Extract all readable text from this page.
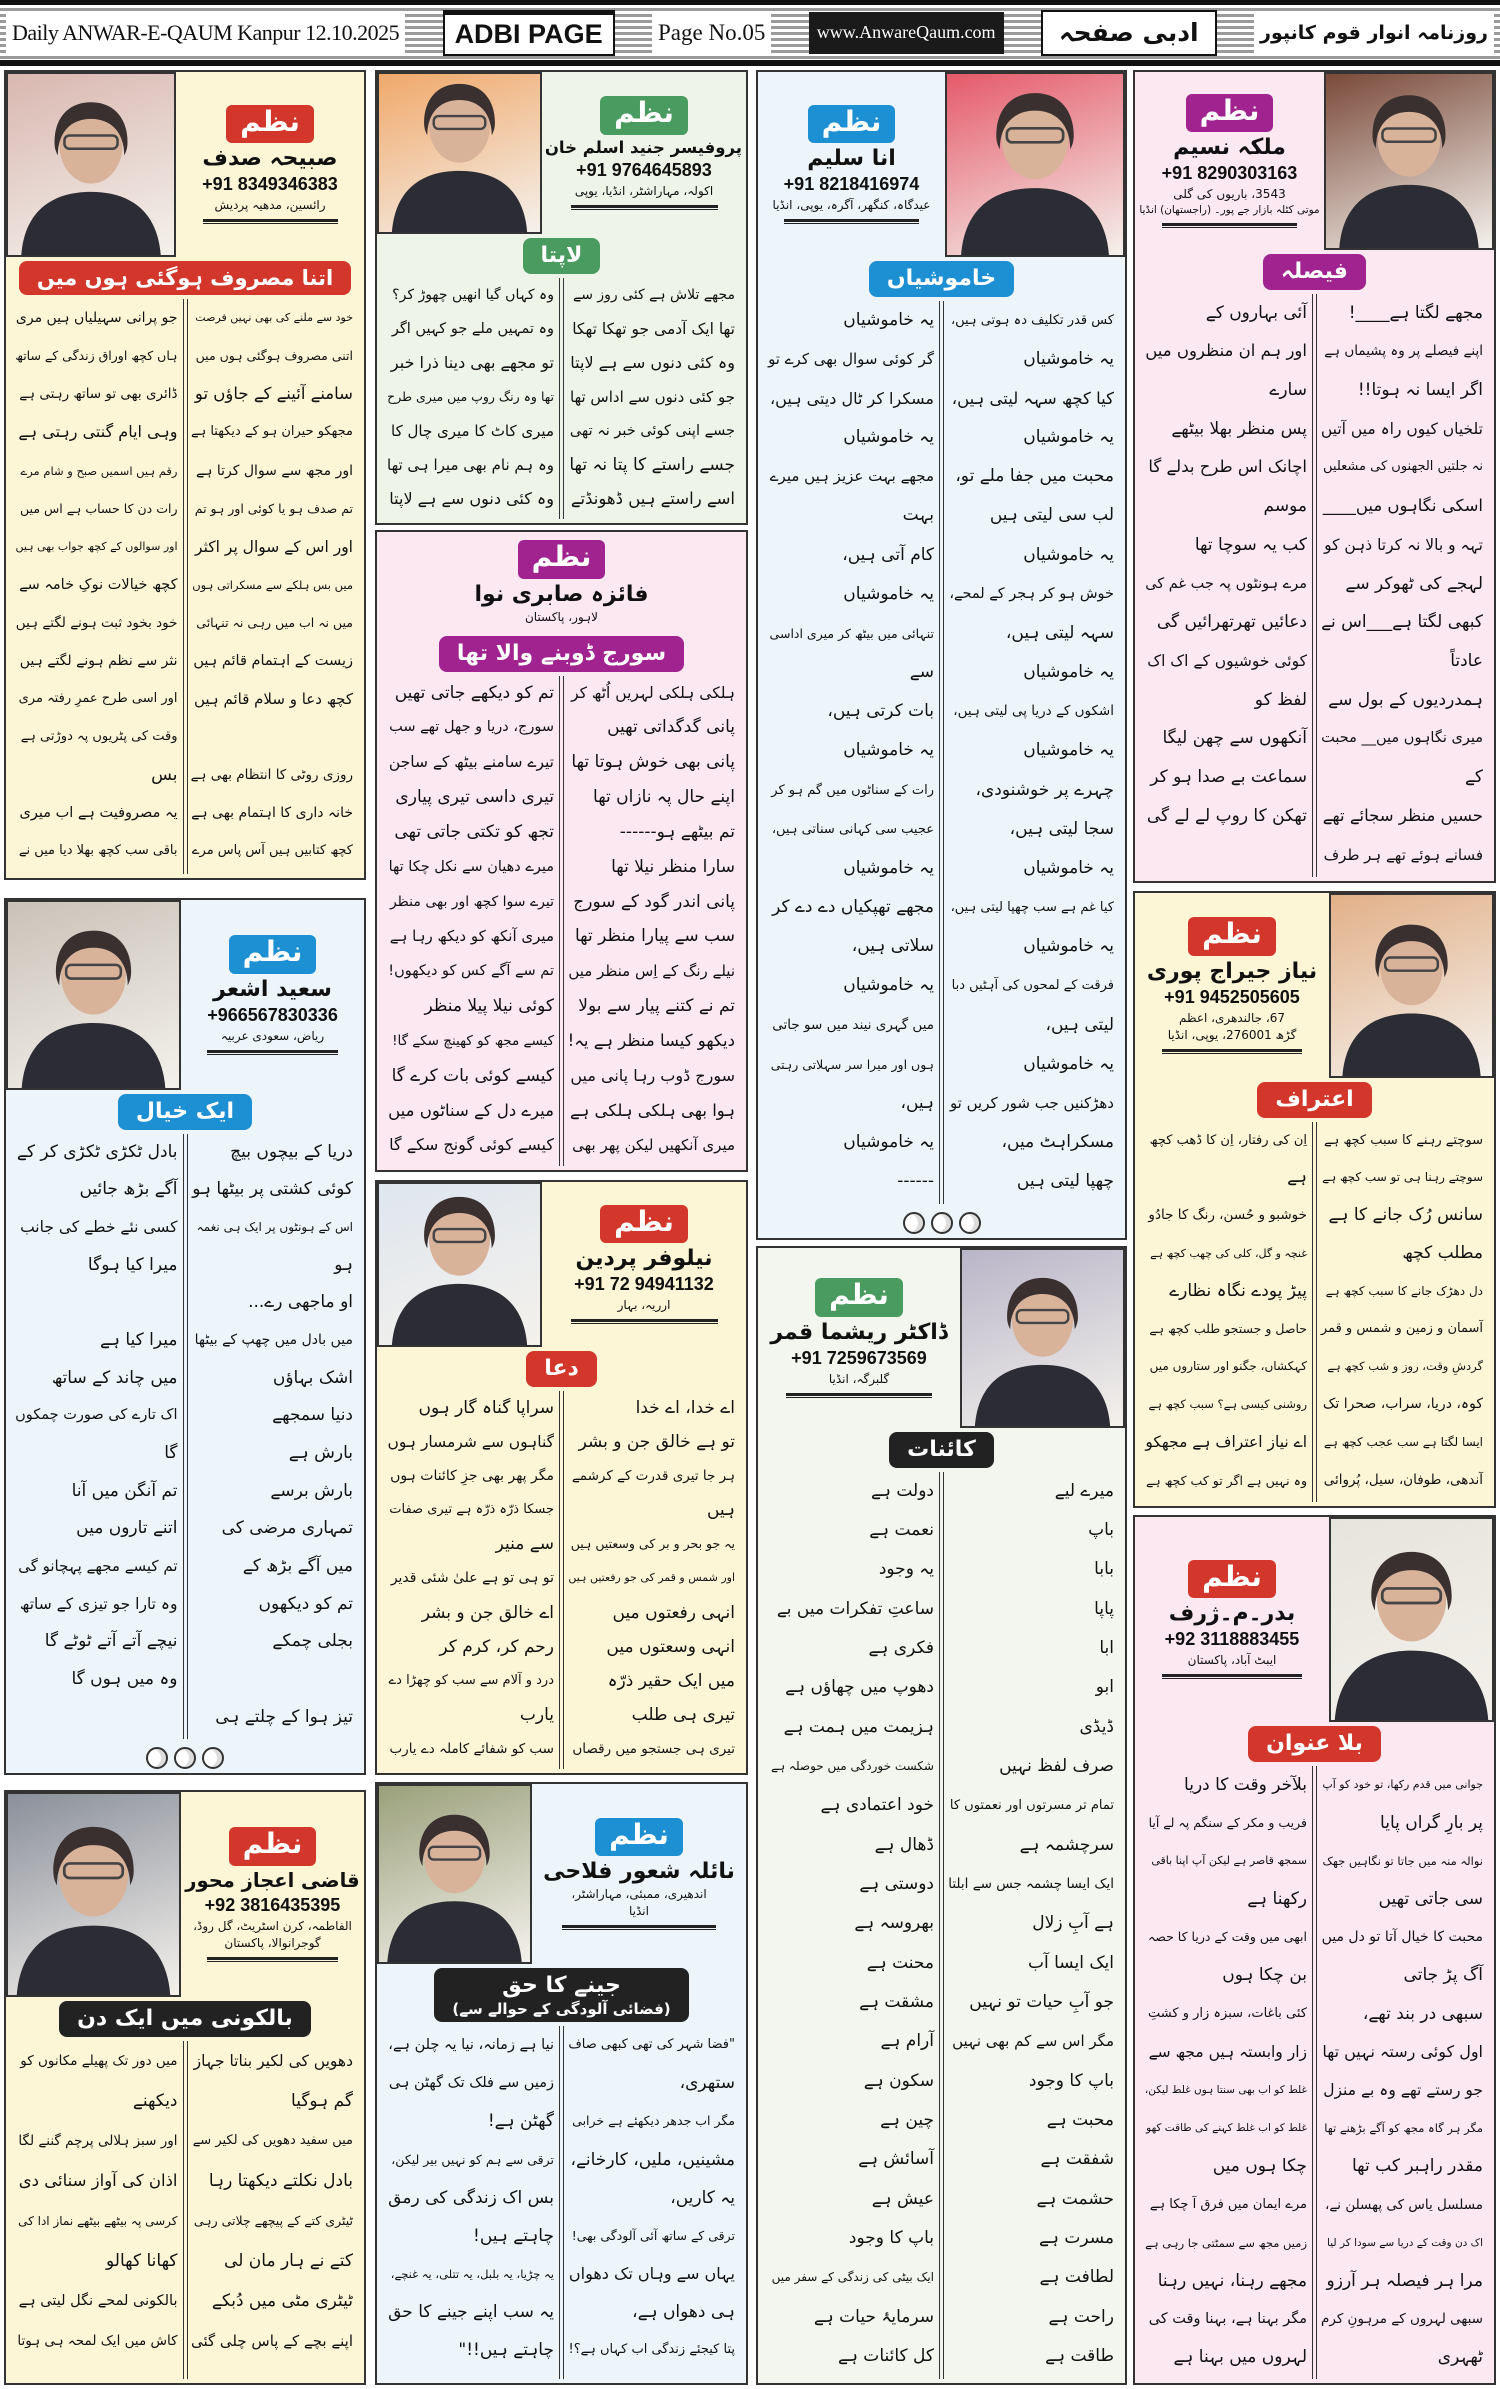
Daily ANWAR-E-QAUM Kanpur 12.10.2025	ADBI PAGE	Page No.05	www.AnwareQaum.com	ادبی صفحہ	روزنامہ انوار قوم کانپور
نظم
صبیحہ صدف
+91 8349346383
رائسین، مدھیہ پردیش
اتنا مصروف ہوگئی ہوں میں
خود سے ملنے کی بھی نہیں فرصت
اتنی مصروف ہوگئی ہوں میں
سامنے آئینے کے جاؤں تو
مجھکو حیران ہو کے دیکھتا ہے
اور مجھ سے سوال کرتا ہے
تم صدف ہو یا کوئی اور ہو تم
اور اس کے سوال پر اکثر
میں بس ہلکے سے مسکراتی ہوں
میں نہ اب میں رہی نہ تنہائی
زیست کے اہتمام قائم ہیں
کچھ دعا و سلام قائم ہیں
روزی روٹی کا انتظام بھی ہے
خانہ داری کا اہتمام بھی ہے
کچھ کتابیں ہیں آس پاس مرے
جو پرانی سہیلیاں ہیں مری
ہاں کچھ اوراق زندگی کے ساتھ
ڈائری بھی تو ساتھ رہتی ہے
وہی ایام گنتی رہتی ہے
رقم ہیں اسمیں صبح و شام مرے
رات دن کا حساب ہے اس میں
اور سوالوں کے کچھ جواب بھی ہیں
کچھ خیالات نوکِ خامہ سے
خود بخود ثبت ہونے لگتے ہیں
نثر سے نظم ہونے لگتے ہیں
اور اسی طرح عمرِ رفتہ مری
وقت کی پٹریوں پہ دوڑتی ہے
بس
یہ مصروفیت ہے اب میری
باقی سب کچھ بھلا دیا میں نے
نظم
سعید اشعر
+966567830336
ریاض، سعودی عربیہ
ایک خیال
دریا کے بیچوں بیچ
کوئی کشتی پر بیٹھا ہو
اس کے ہونٹوں پر ایک ہی نغمہ
ہو
او ماجھی رے...
میں بادل میں چھپ کے بیٹھا
اشک بہاؤں
دنیا سمجھے
بارش ہے
بارش برسے
تمہاری مرضی کی
میں آگے بڑھ کے
تم کو دیکھوں
بجلی چمکے
تیز ہوا کے چلتے ہی
بادل ٹکڑی ٹکڑی کر کے
آگے بڑھ جائیں
کسی نئے خطے کی جانب
میرا کیا ہوگا
میرا کیا ہے
میں چاند کے ساتھ
اک تارے کی صورت چمکوں
گا
تم آنگن میں آنا
اتنے تاروں میں
تم کیسے مجھے پہچانو گی
وہ تارا جو تیزی کے ساتھ
نیچے آتے آتے ٹوٹے گا
وہ میں ہوں گا
نظم
قاضی اعجاز محور
+92 3816435395
الفاطمہ، کرن اسٹریٹ، گل روڈ،
گوجرانوالا، پاکستان
بالکونی میں ایک دن
دھویں کی لکیر بناتا جہاز
گم ہوگیا
میں سفید دھویں کی لکیر سے
بادل نکلتے دیکھتا رہا
ٹیٹری کتے کے پیچھے چلاتی رہی
کتے نے ہار مان لی
ٹیٹری مٹی میں دُبکے
اپنے بچے کے پاس چلی گئی
میں دور تک پھیلے مکانوں کو
دیکھنے
اور سبز ہلالی پرچم گننے لگا
اذان کی آواز سنائی دی
کرسی پہ بیٹھے بیٹھے نماز ادا کی
کھانا کھالو
بالکونی لمحے نگل لیتی ہے
کاش میں ایک لمحہ ہی ہوتا
نظم
پروفیسر جنید اسلم خان
+91 9764645893
اکولہ، مہاراشٹر، انڈیا، یوپی
لاپتا
مجھے تلاش ہے کئی روز سے
تھا ایک آدمی جو تھکا تھکا
وہ کئی دنوں سے ہے لاپتا
جو کئی دنوں سے اداس تھا
جسے اپنی کوئی خبر نہ تھی
جسے راستے کا پتا نہ تھا
اسے راستے ہیں ڈھونڈتے
وہ کہاں گیا انھیں چھوڑ کر؟
وہ تمہیں ملے جو کہیں اگر
تو مجھے بھی دینا ذرا خبر
تھا وہ رنگ روپ میں میری طرح
میری کاٹ کا میری چال کا
وہ ہم نام بھی میرا ہی تھا
وہ کئی دنوں سے ہے لاپتا
نظم
فائزہ صابری نوا
لاہور، پاکستان
سورج ڈوبنے والا تھا
ہلکی ہلکی لہریں اُٹھ کر
پانی گدگداتی تھیں
پانی بھی خوش ہوتا تھا
اپنے حال پہ نازاں تھا
تم بیٹھے ہو------
سارا منظر نیلا تھا
پانی اندر گود کے سورج
سب سے پیارا منظر تھا
نیلے رنگ کے اِس منظر میں
تم نے کتنے پیار سے بولا
دیکھو کیسا منظر ہے یہ!
سورج ڈوب رہا پانی میں
ہوا بھی ہلکی ہلکی ہے
میری آنکھیں لیکن پھر بھی
تم کو دیکھے جاتی تھیں
سورج، دریا و جھل تھے سب
تیرے سامنے بیٹھ کے ساجن
تیری داسی تیری پیاری
تجھ کو تکتی جاتی تھی
میرے دھیان سے نکل چکا تھا
تیرے سوا کچھ اور بھی منظر
میری آنکھ کو دیکھ رہا ہے
تم سے آگے کس کو دیکھوں!
کوئی نیلا پیلا منظر
کیسے مجھ کو کھینچ سکے گا!
کیسے کوئی بات کرے گا
میرے دل کے سناٹوں میں
کیسے کوئی گونج سکے گا
نظم
نیلوفر پردین
+91 72 94941132
ارریہ، بہار
دعا
اے خدا، اے خدا
تو ہے خالق جن و بشر
ہر جا تیری قدرت کے کرشمے
ہیں
یہ جو بحر و بر کی وسعتیں ہیں
اور شمس و قمر کی جو رفعتیں ہیں
انہی رفعتوں میں
انہی وسعتوں میں
میں ایک حقیر ذرّہ
تیری ہی طلب
تیری ہی جستجو میں رقصاں
سراپا گناہ گار ہوں
گناہوں سے شرمسار ہوں
مگر پھر بھی جزِ کائنات ہوں
جسکا ذرّہ ذرّہ ہے تیری صفات
سے منیر
تو ہی تو ہے علیٰ شئی قدیر
اے خالق جن و بشر
رحم کر، کرم کر
درد و آلام سے سب کو چھڑا دے
یارب
سب کو شفائے کاملہ دے یارب
نظم
نائلہ شعور فلاحی
اندھیری، ممبئی، مہاراشٹر،
انڈیا
جینے کا حق
(فضائی آلودگی کے حوالے سے)
"فضا شہر کی تھی کبھی صاف
ستھری،
مگر اب جدھر دیکھئے ہے خرابی
مشینیں، ملیں، کارخانے،
یہ کاریں،
ترقی کے ساتھ آئی آلودگی بھی!
یہاں سے وہاں تک دھواں
ہی دھواں ہے،
پتا کیجئے زندگی اب کہاں ہے؟!
نیا ہے زمانہ، نیا یہ چلن ہے،
زمیں سے فلک تک گھٹن ہی
گھٹن ہے!
ترقی سے ہم کو نہیں بیر لیکن،
بس اک زندگی کی رمق
چاہتے ہیں!
یہ چڑیا، یہ بلبل، یہ تتلی، یہ غنچے،
یہ سب اپنے جینے کا حق
چاہتے ہیں!!"
نظم
انا سلیم
+91 8218416974
عیدگاہ، کنگھر، آگرہ، یوپی، انڈیا
خاموشیاں
کس قدر تکلیف دہ ہوتی ہیں،
یہ خاموشیاں
کیا کچھ سہہ لیتی ہیں،
یہ خاموشیاں
محبت میں جفا ملے تو،
لب سی لیتی ہیں
یہ خاموشیاں
خوش ہو کر ہجر کے لمحے،
سہہ لیتی ہیں،
یہ خاموشیاں
اشکوں کے دریا پی لیتی ہیں،
یہ خاموشیاں
چہرے پر خوشنودی،
سجا لیتی ہیں،
یہ خاموشیاں
کیا غم ہے سب چھپا لیتی ہیں،
یہ خاموشیاں
فرقت کے لمحوں کی آہٹیں دبا
لیتی ہیں،
یہ خاموشیاں
دھڑکنیں جب شور کریں تو
مسکراہٹ میں،
چھپا لیتی ہیں
یہ خاموشیاں
گر کوئی سوال بھی کرے تو
مسکرا کر ٹال دیتی ہیں،
یہ خاموشیاں
مجھے بہت عزیز ہیں میرے
بہت
کام آتی ہیں،
یہ خاموشیاں
تنہائی میں بیٹھ کر میری اداسی
سے
بات کرتی ہیں،
یہ خاموشیاں
رات کے سناٹوں میں گم ہو کر
عجیب سی کہانی سناتی ہیں،
یہ خاموشیاں
مجھے تھپکیاں دے دے کر
سلاتی ہیں،
یہ خاموشیاں
میں گہری نیند میں سو جاتی
ہوں اور میرا سر سہلاتی رہتی
ہیں،
یہ خاموشیاں
------
نظم
ڈاکٹر ریشما قمر
+91 7259673569
گلبرگہ، انڈیا
کائنات
میرے لیے
باپ
بابا
پاپا
ابا
ابو
ڈیڈی
صرف لفظ نہیں
تمام تر مسرتوں اور نعمتوں کا
سرچشمہ ہے
ایک ایسا چشمہ جس سے ابلتا
ہے آبِ زلال
ایک ایسا آب
جو آبِ حیات تو نہیں
مگر اس سے کم بھی نہیں
باپ کا وجود
محبت ہے
شفقت ہے
حشمت ہے
مسرت ہے
لطافت ہے
راحت ہے
طاقت ہے
دولت ہے
نعمت ہے
یہ وجود
ساعتِ تفکرات میں بے
فکری ہے
دھوپ میں چھاؤں ہے
ہزیمت میں ہمت ہے
شکست خوردگی میں حوصلہ ہے
خود اعتمادی ہے
ڈھال ہے
دوستی ہے
بھروسہ ہے
محنت ہے
مشقت ہے
آرام ہے
سکون ہے
چین ہے
آسائش ہے
عیش ہے
باپ کا وجود
ایک بیٹی کی زندگی کے سفر میں
سرمایۂ حیات ہے
کل کائنات ہے
نظم
ملکہ نسیم
+91 8290303163
3543، باریوں کی گلی
موتی کٹلہ بازار جے پور۔ (راجستھان) انڈیا
فیصلہ
مجھے لگتا ہے____!
اپنے فیصلے پر وہ پشیماں ہے
اگر ایسا نہ ہوتا!!
تلخیاں کیوں راہ میں آتیں
نہ جلتیں الجھنوں کی مشعلیں
اسکی نگاہوں میں____
تہہ و بالا نہ کرتا ذہن کو
لہجے کی ٹھوکر سے
کبھی لگتا ہے___اس نے
عادتاً
ہمدردیوں کے بول سے
میری نگاہوں میں__ محبت
کے
حسیں منظر سجائے تھے
فسانے ہوئے تھے ہر طرف
آئی بہاروں کے
اور ہم ان منظروں میں
سارے
پس منظر بھلا بیٹھے
اچانک اس طرح بدلے گا
موسم
کب یہ سوچا تھا
مرے ہونٹوں پہ جب غم کی
دعائیں تھرتھرائیں گی
کوئی خوشیوں کے اک اک
لفظ کو
آنکھوں سے چھن لیگا
سماعت بے صدا ہو کر
تھکن کا روپ لے لے گی
نظم
نیاز جیراج پوری
+91 9452505605
67، جالندھری، اعظم
گڑھ 276001، یوپی، انڈیا
اعتراف
سوچتے رہنے کا سبب کچھ ہے
سوچتے رہنا ہی تو سب کچھ ہے
سانس رُک جانے کا ہے
مطلب کچھ
دل دھڑک جانے کا سبب کچھ ہے
آسمان و زمین و شمس و قمر
گردشِ وقت، روز و شب کچھ ہے
کوہ، دریا، سراب، صحرا تک
ایسا لگتا ہے سب عجب کچھ ہے
آندھی، طوفان، سیل، پُروائی
اِن کی رفتار، اِن کا ڈھب کچھ
ہے
خوشبو و حُسن، رنگ کا جادُو
غنچہ و گل، کلی کی چھب کچھ ہے
پیڑ پودے نگاہ نظارے
حاصل و جستجو طلب کچھ ہے
کہکشاں، جگنو اور ستاروں میں
روشنی کیسی ہے؟ سبب کچھ ہے
اے نیاز اعتراف ہے مجھکو
وہ نہیں ہے اگر تو کب کچھ ہے
نظم
بدر۔م۔ژرف
+92 3118883455
ایبٹ آباد، پاکستان
بلا عنوان
جوانی میں قدم رکھا، تو خود کو آپ
پر بارِ گراں پایا
نوالہ منہ میں جاتا تو نگاہیں جھک
سی جاتی تھیں
محبت کا خیال آتا تو دل میں
آگ پڑ جاتی
سبھی در بند تھے،
اول کوئی رستہ نہیں تھا
جو رستے تھے وہ بے منزل
مگر ہر گاہ مجھ کو آگے بڑھنے تھا
مقدر راہبر کب تھا
مسلسل یاس کی پھسلن نے،
اک دن وقت کے دریا سے سودا کر لیا
مرا ہر فیصلہ ہر آرزو
سبھی لہروں کے مرہونِ کرم
ٹھہری
بلآخر وقت کا دریا
فریب و مکر کے سنگم پہ لے آیا
سمجھ قاصر ہے لیکن آپ اپنا باقی
رکھنا ہے
ابھی میں وقت کے دریا کا حصہ
بن چکا ہوں
کئی باغات، سبزہ زار و کشتِ
زار وابستہ ہیں مجھ سے
غلط کو اب بھی سنتا ہوں غلط لیکن،
غلط کو اب غلط کہنے کی طاقت کھو
چکا ہوں میں
مرے ایمان میں فرق آ چکا ہے
زمیں مجھ سے سمٹتی جا رہی ہے
مجھے رہنا، نہیں رہنا
مگر بہنا ہے، بہنا وقت کی
لہروں میں بہنا ہے
